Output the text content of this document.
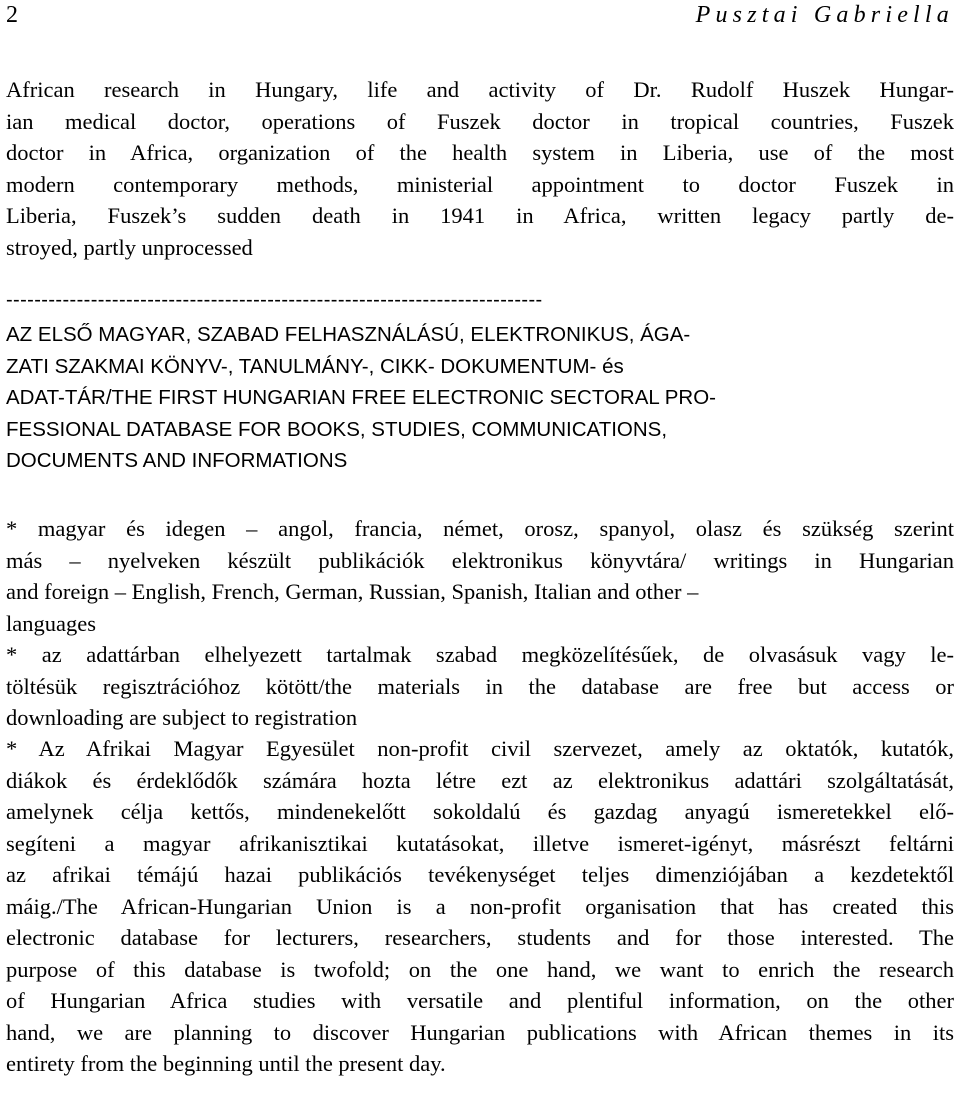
2	Pusztai Gabriella
African research in Hungary, life and activity of Dr. Rudolf Huszek Hungar-
ian medical doctor, operations of Fuszek doctor in tropical countries, Fuszek
doctor in Africa, organization of the health system in Liberia, use of the most
modern contemporary methods, ministerial appointment to doctor Fuszek in
Liberia, Fuszek’s sudden death in 1941 in Africa, written legacy partly de-
stroyed, partly unprocessed
----------------------------------------------------------------------------
AZ ELSŐ MAGYAR, SZABAD FELHASZNÁLÁSÚ, ELEKTRONIKUS, ÁGA-
ZATI SZAKMAI KÖNYV-, TANULMÁNY-, CIKK- DOKUMENTUM- és
ADAT-TÁR/THE FIRST HUNGARIAN FREE ELECTRONIC SECTORAL PRO-
FESSIONAL DATABASE FOR BOOKS, STUDIES, COMMUNICATIONS,
DOCUMENTS AND INFORMATIONS
* magyar és idegen – angol, francia, német, orosz, spanyol, olasz és szükség szerint
más – nyelveken készült publikációk elektronikus könyvtára/ writings in Hungarian
and foreign – English, French, German, Russian, Spanish, Italian and other –
languages
* az adattárban elhelyezett tartalmak szabad megközelítésűek, de olvasásuk vagy le-
töltésük regisztrációhoz kötött/the materials in the database are free but access or
downloading are subject to registration
* Az Afrikai Magyar Egyesület non-profit civil szervezet, amely az oktatók, kutatók,
diákok és érdeklődők számára hozta létre ezt az elektronikus adattári szolgáltatását,
amelynek célja kettős, mindenekelőtt sokoldalú és gazdag anyagú ismeretekkel elő-
segíteni a magyar afrikanisztikai kutatásokat, illetve ismeret-igényt, másrészt feltárni
az afrikai témájú hazai publikációs tevékenységet teljes dimenziójában a kezdetektől
máig./The African-Hungarian Union is a non-profit organisation that has created this
electronic database for lecturers, researchers, students and for those interested. The
purpose of this database is twofold; on the one hand, we want to enrich the research
of Hungarian Africa studies with versatile and plentiful information, on the other
hand, we are planning to discover Hungarian publications with African themes in its
entirety from the beginning until the present day.
